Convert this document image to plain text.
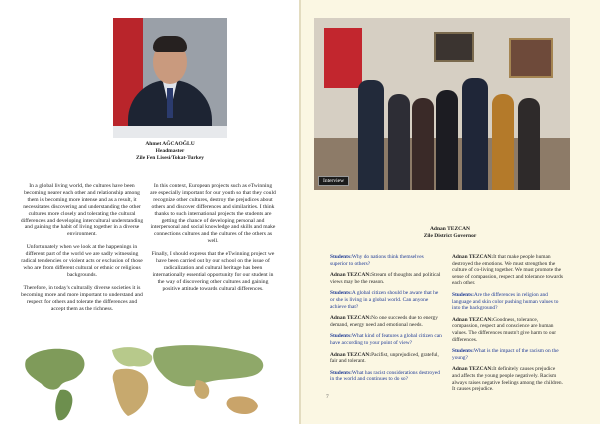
Ahmet AĞCAOĞLU
Headmaster
Zile Fen Lisesi/Tokat-Turkey

In a global living world, the cultures have been becoming nearer each other and relationship among them is becoming more intense and as a result, it necessitates discovering and understanding the other cultures more closely and tolerating the cultural differences and developing intercultural understanding and gaining the habit of living together in a diverse environment.

Unfortunately when we look at the happenings in different part of the world we are sadly witnessing radical tendencies or violent acts or exclusion of those who are from different cultural or ethnic or religious backgrounds.

Therefore, in today's culturally diverse societies it is becoming more and more important to understand and respect for others and tolerate the differences and accept them as the richness.

In this context, European projects such as eTwinning are especially important for our youth so that they could recognize other cultures, destroy the prejudices about others and discover differences and similarities. I think thanks to such international projects the students are getting the chance of developing personal and interpersonal and social knowledge and skills and make connections cultures and the cultures of the others as well.

Finally, I should express that the eTwinning project we have been carried out by our school on the issue of radicalization and cultural heritage has been internationally essential opportunity for our student in the way of discovering other cultures and gaining positive attitude towards cultural differences.

Interview
Adnan TEZCAN
Zile District Governor

Students:Why do nations think themselves superior to others?

Adnan TEZCAN:Stream of thoughts and political views may be the reason.

Students:A global citizen should be aware that he or she is living in a global world. Can anyone achieve that?

Adnan TEZCAN:No one succeeds due to energy demand, energy need and emotional needs.

Students:What kind of features a global citizen can have according to your point of view?

Adnan TEZCAN:Pacifist, unprejudiced, grateful, fair and tolerant.

Students:What has racist considerations destroyed in the world and continues to do so?

Adnan TEZCAN:It that make people human destroyed the emotions. We must strengthen the culture of co-living together. We must promote the sense of compassion, respect and tolerance towards each other.

Students:Are the differences in religion and language and skin color pushing human values to into the background?

Adnan TEZCAN:Goodness, tolerance, compassion, respect and conscience are human values. The differences mustn't give harm to our differences.

Students:What is the impact of the racism on the young?

Adnan TEZCAN:It definitely causes prejudice and affects the young people negatively. Racism always raises negative feelings among the children. It causes prejudice.

7
